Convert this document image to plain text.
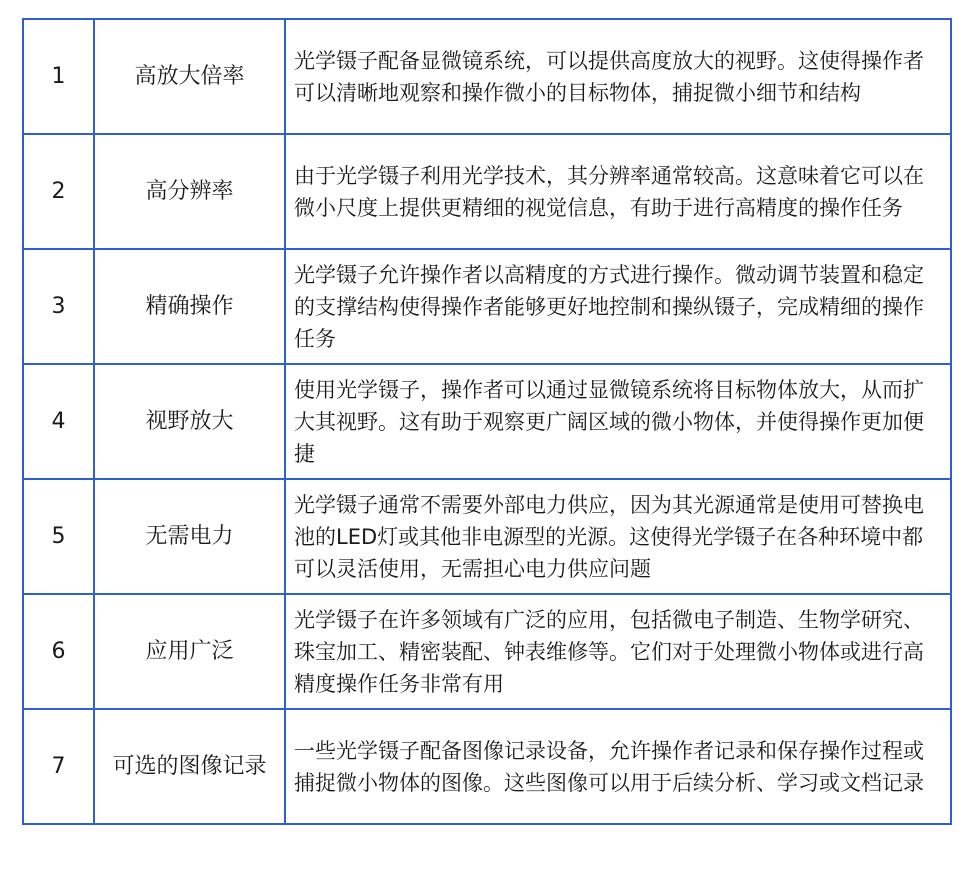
1	高放大倍率	光学镊子配备显微镜系统，可以提供高度放大的视野。这使得操作者可以清晰地观察和操作微小的目标物体，捕捉微小细节和结构
2	高分辨率	由于光学镊子利用光学技术，其分辨率通常较高。这意味着它可以在微小尺度上提供更精细的视觉信息，有助于进行高精度的操作任务
3	精确操作	光学镊子允许操作者以高精度的方式进行操作。微动调节装置和稳定的支撑结构使得操作者能够更好地控制和操纵镊子，完成精细的操作任务
4	视野放大	使用光学镊子，操作者可以通过显微镜系统将目标物体放大，从而扩大其视野。这有助于观察更广阔区域的微小物体，并使得操作更加便捷
5	无需电力	光学镊子通常不需要外部电力供应，因为其光源通常是使用可替换电池的LED灯或其他非电源型的光源。这使得光学镊子在各种环境中都可以灵活使用，无需担心电力供应问题
6	应用广泛	光学镊子在许多领域有广泛的应用，包括微电子制造、生物学研究、珠宝加工、精密装配、钟表维修等。它们对于处理微小物体或进行高精度操作任务非常有用
7	可选的图像记录	一些光学镊子配备图像记录设备，允许操作者记录和保存操作过程或捕捉微小物体的图像。这些图像可以用于后续分析、学习或文档记录
